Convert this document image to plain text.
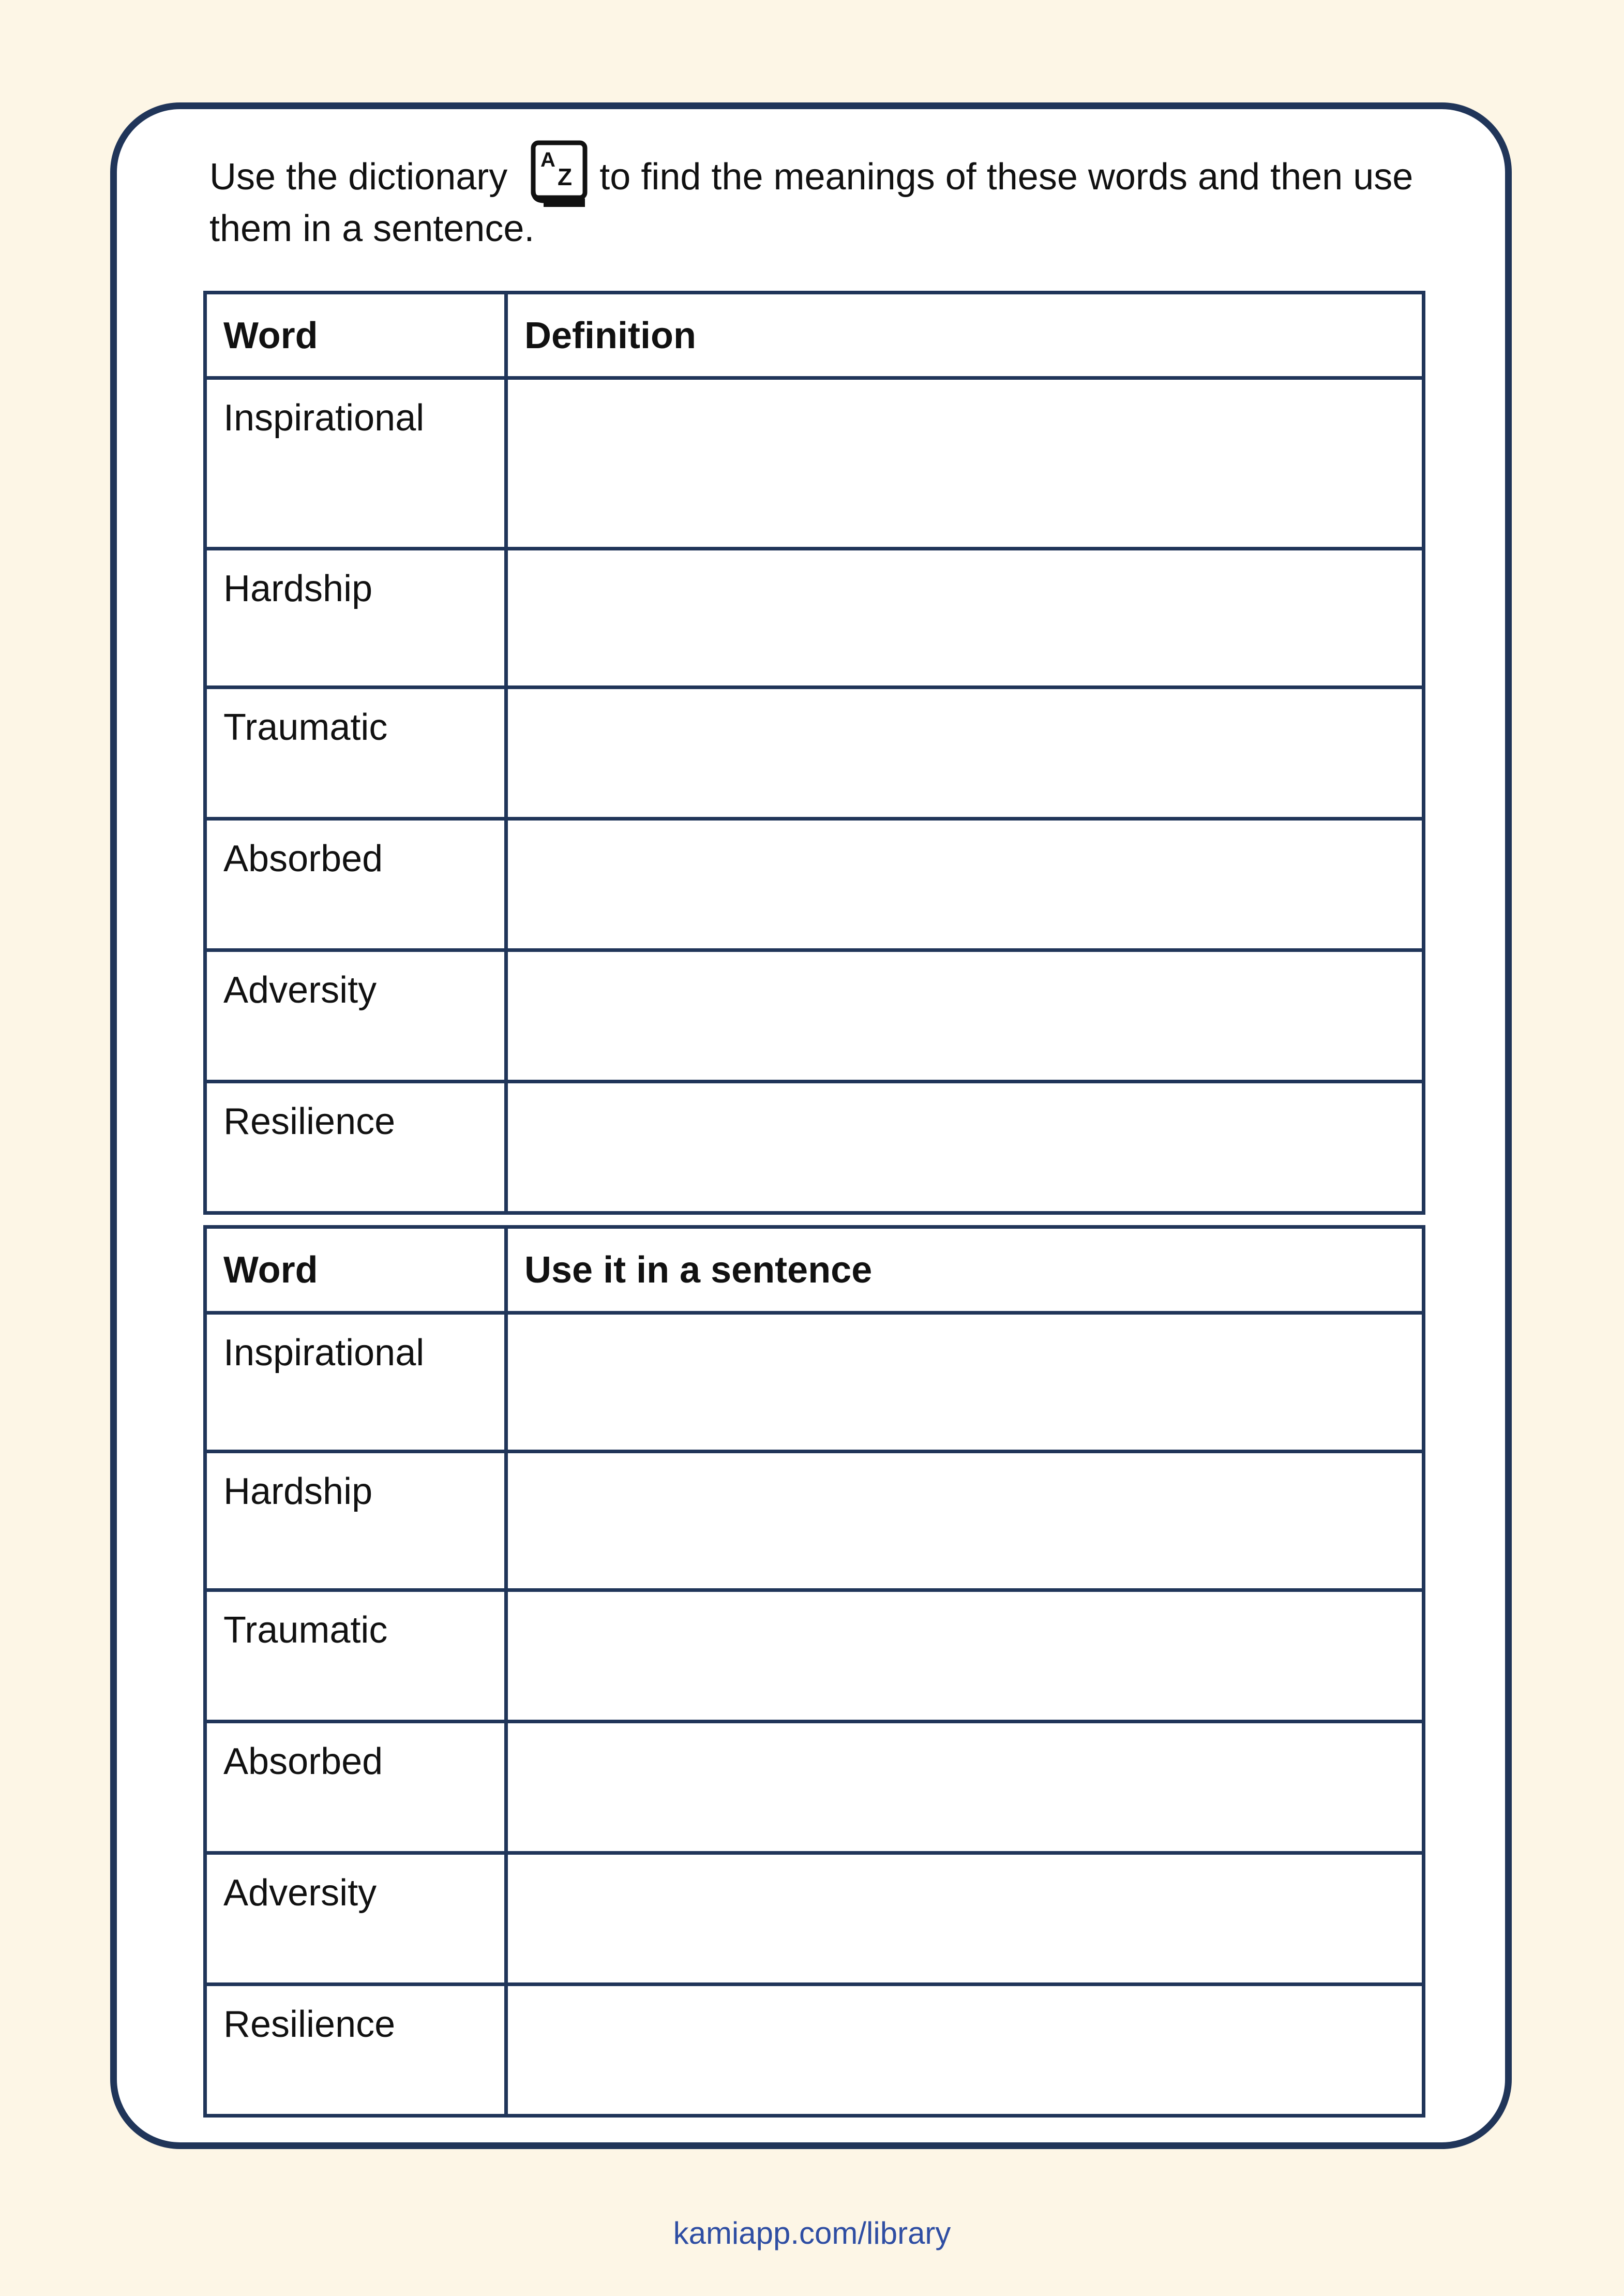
Use the dictionary A
Z to find the meanings of these words and then use them in a sentence.

Word	Definition
Inspirational	
Hardship	
Traumatic	
Absorbed	
Adversity	
Resilience	
Word	Use it in a sentence
Inspirational	
Hardship	
Traumatic	
Absorbed	
Adversity	
Resilience	
kamiapp.com/library
